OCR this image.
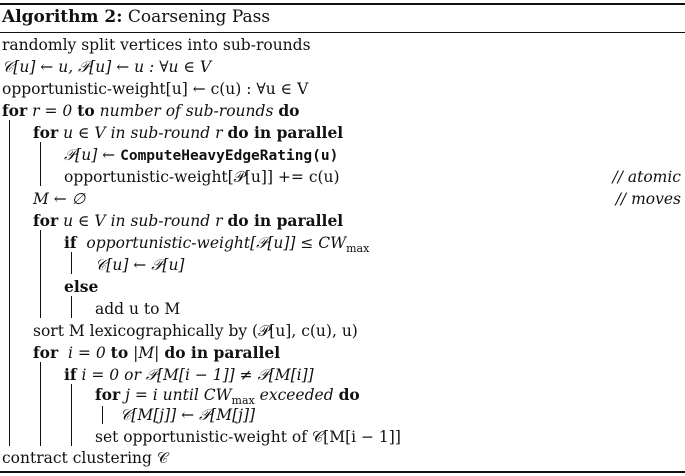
Algorithm 2: Coarsening Pass
randomly split vertices into sub-rounds
𝒞[u] ← u, 𝒫[u] ← u : ∀u ∈ V
opportunistic-weight[u] ← c(u) : ∀u ∈ V
for r = 0 to number of sub-rounds do
for u ∈ V in sub-round r do in parallel
𝒫[u] ← ComputeHeavyEdgeRating(u)
opportunistic-weight[𝒫[u]] += c(u)	// atomic
M ← ∅	// moves
for u ∈ V in sub-round r do in parallel
if opportunistic-weight[𝒫[u]] ≤ $CW_{max}$
𝒞[u] ← 𝒫[u]
else
add u to M
sort M lexicographically by (𝒫[u], c(u), u)
for i = 0 to |M| do in parallel
if i = 0 or 𝒫[M[i − 1]] ≠ 𝒫[M[i]]
for j = i until $CW_{max}$ exceeded do
𝒞[M[j]] ← 𝒫[M[j]]
set opportunistic-weight of 𝒞[M[i − 1]]
contract clustering 𝒞
